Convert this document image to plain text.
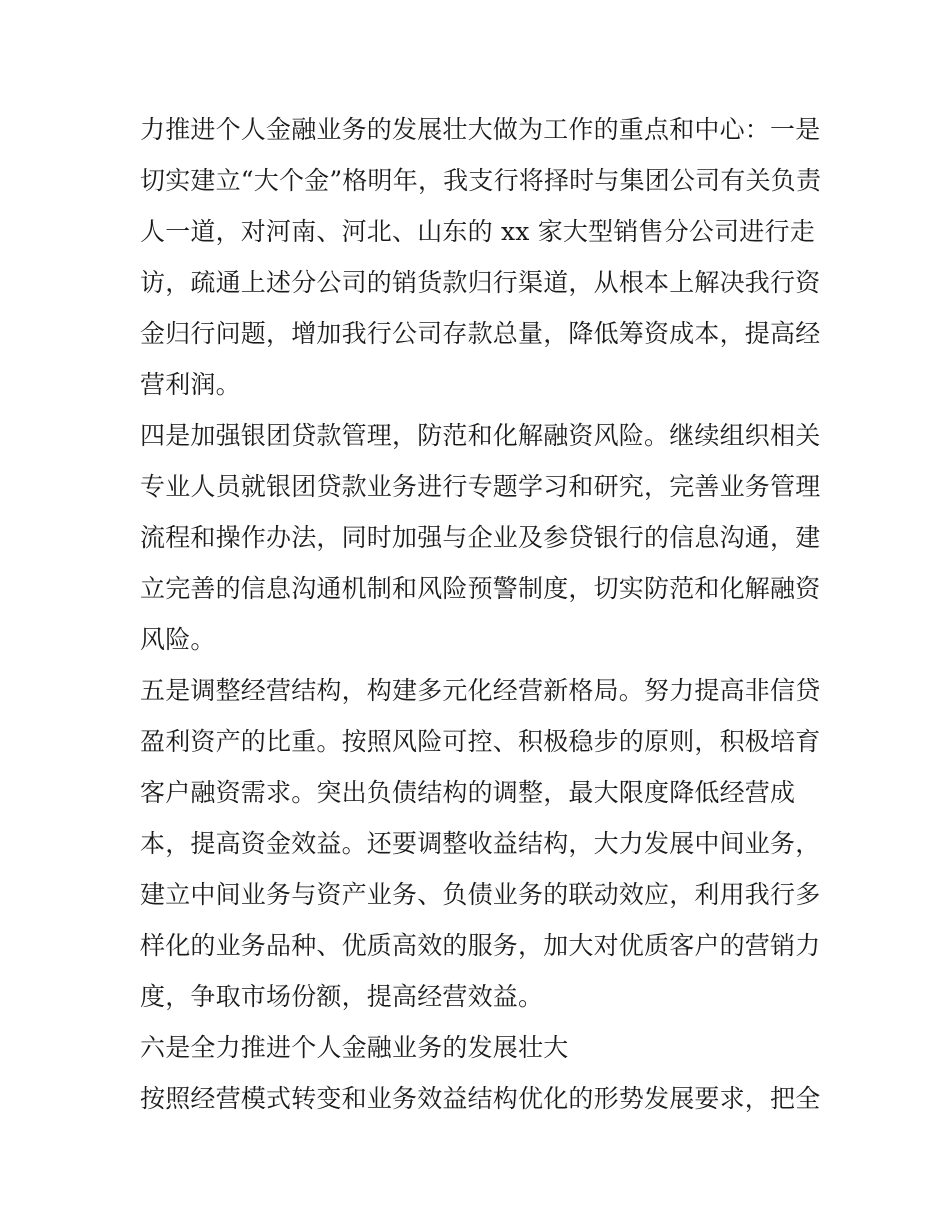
力推进个人金融业务的发展壮大做为工作的重点和中心：一是
切实建立“大个金”格明年，我支行将择时与集团公司有关负责
人一道，对河南、河北、山东的 xx 家大型销售分公司进行走
访，疏通上述分公司的销货款归行渠道，从根本上解决我行资
金归行问题，增加我行公司存款总量，降低筹资成本，提高经
营利润。
四是加强银团贷款管理，防范和化解融资风险。继续组织相关
专业人员就银团贷款业务进行专题学习和研究，完善业务管理
流程和操作办法，同时加强与企业及参贷银行的信息沟通，建
立完善的信息沟通机制和风险预警制度，切实防范和化解融资
风险。
五是调整经营结构，构建多元化经营新格局。努力提高非信贷
盈利资产的比重。按照风险可控、积极稳步的原则，积极培育
客户融资需求。突出负债结构的调整，最大限度降低经营成
本，提高资金效益。还要调整收益结构，大力发展中间业务，
建立中间业务与资产业务、负债业务的联动效应，利用我行多
样化的业务品种、优质高效的服务，加大对优质客户的营销力
度，争取市场份额，提高经营效益。
六是全力推进个人金融业务的发展壮大
按照经营模式转变和业务效益结构优化的形势发展要求，把全
